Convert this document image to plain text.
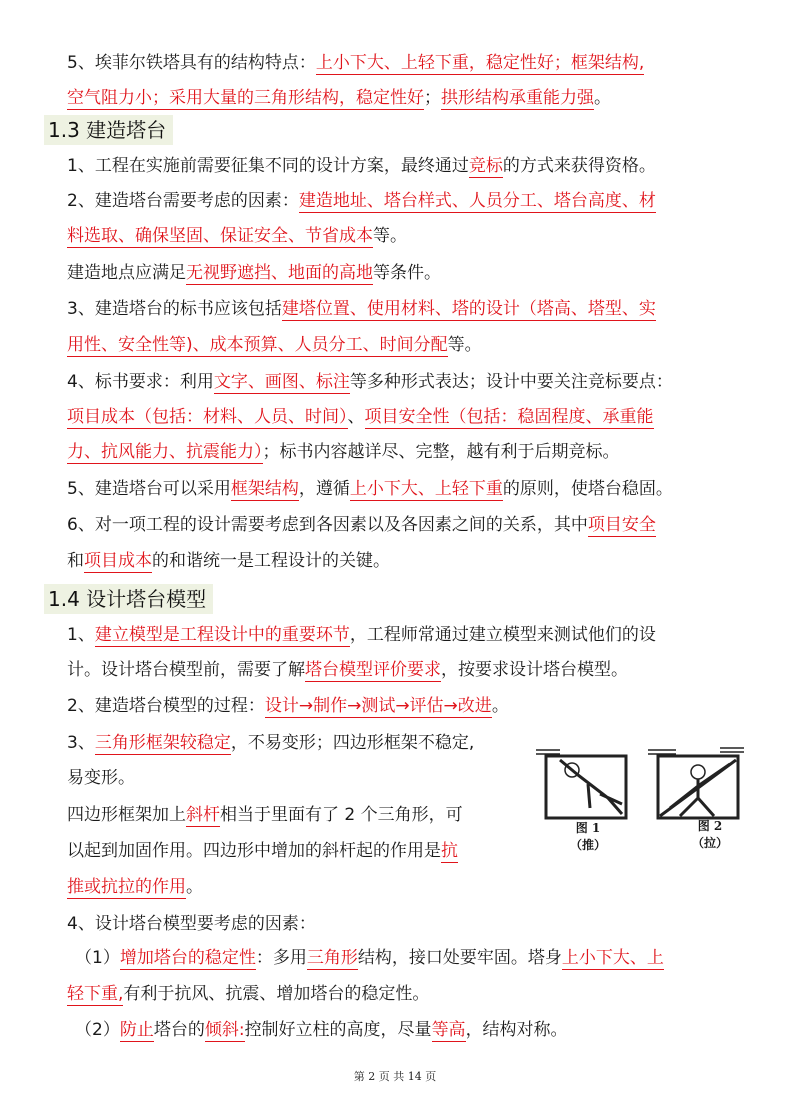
5、埃菲尔铁塔具有的结构特点：上小下大、上轻下重，稳定性好；框架结构,
空气阻力小；采用大量的三角形结构，稳定性好；拱形结构承重能力强。
1.3 建造塔台
1、工程在实施前需要征集不同的设计方案，最终通过竞标的方式来获得资格。
2、建造塔台需要考虑的因素：建造地址、塔台样式、人员分工、塔台高度、材
料选取、确保坚固、保证安全、节省成本等。
建造地点应满足无视野遮挡、地面的高地等条件。
3、建造塔台的标书应该包括建塔位置、使用材料、塔的设计（塔高、塔型、实
用性、安全性等)、成本预算、人员分工、时间分配等。
4、标书要求：利用文字、画图、标注等多种形式表达；设计中要关注竞标要点：
项目成本（包括：材料、人员、时间）、项目安全性（包括：稳固程度、承重能
力、抗风能力、抗震能力）；标书内容越详尽、完整，越有利于后期竞标。
5、建造塔台可以采用框架结构，遵循上小下大、上轻下重的原则，使塔台稳固。
6、对一项工程的设计需要考虑到各因素以及各因素之间的关系，其中项目安全
和项目成本的和谐统一是工程设计的关键。
1.4 设计塔台模型
1、建立模型是工程设计中的重要环节，工程师常通过建立模型来测试他们的设
计。设计塔台模型前，需要了解塔台模型评价要求，按要求设计塔台模型。
2、建造塔台模型的过程：设计→制作→测试→评估→改进。
3、三角形框架较稳定，不易变形；四边形框架不稳定,
易变形。
四边形框架加上斜杆相当于里面有了 2 个三角形，可
以起到加固作用。四边形中增加的斜杆起的作用是抗
推或抗拉的作用。
图 1
（推）
图 2
（拉）
4、设计塔台模型要考虑的因素：
（1）增加塔台的稳定性：多用三角形结构，接口处要牢固。塔身上小下大、上
轻下重,有利于抗风、抗震、增加塔台的稳定性。
（2）防止塔台的倾斜:控制好立柱的高度，尽量等高，结构对称。
第 2 页 共 14 页
